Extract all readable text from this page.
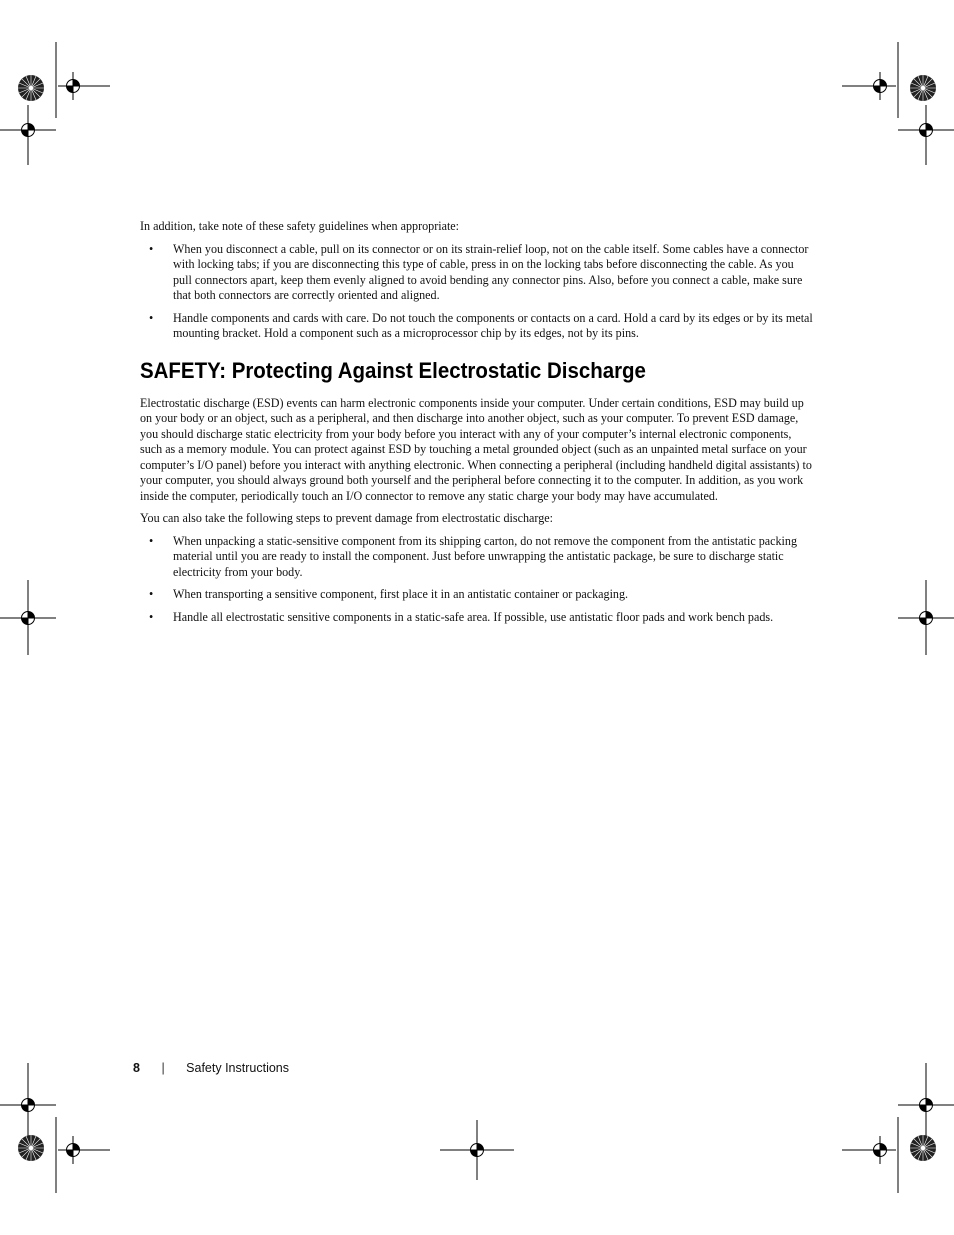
In addition, take note of these safety guidelines when appropriate:

• When you disconnect a cable, pull on its connector or on its strain-relief loop, not on the cable itself. Some cables have a connector with locking tabs; if you are disconnecting this type of cable, press in on the locking tabs before disconnecting the cable. As you pull connectors apart, keep them evenly aligned to avoid bending any connector pins. Also, before you connect a cable, make sure that both connectors are correctly oriented and aligned.
• Handle components and cards with care. Do not touch the components or contacts on a card. Hold a card by its edges or by its metal mounting bracket. Hold a component such as a microprocessor chip by its edges, not by its pins.
SAFETY: Protecting Against Electrostatic Discharge

Electrostatic discharge (ESD) events can harm electronic components inside your computer. Under certain conditions, ESD may build up on your body or an object, such as a peripheral, and then discharge into another object, such as your computer. To prevent ESD damage, you should discharge static electricity from your body before you interact with any of your computer’s internal electronic components, such as a memory module. You can protect against ESD by touching a metal grounded object (such as an unpainted metal surface on your computer’s I/O panel) before you interact with anything electronic. When connecting a peripheral (including handheld digital assistants) to your computer, you should always ground both yourself and the peripheral before connecting it to the computer. In addition, as you work inside the computer, periodically touch an I/O connector to remove any static charge your body may have accumulated.

You can also take the following steps to prevent damage from electrostatic discharge:

• When unpacking a static-sensitive component from its shipping carton, do not remove the component from the antistatic packing material until you are ready to install the component. Just before unwrapping the antistatic package, be sure to discharge static electricity from your body.
• When transporting a sensitive component, first place it in an antistatic container or packaging.
• Handle all electrostatic sensitive components in a static-safe area. If possible, use antistatic floor pads and work bench pads.
8 | Safety Instructions
